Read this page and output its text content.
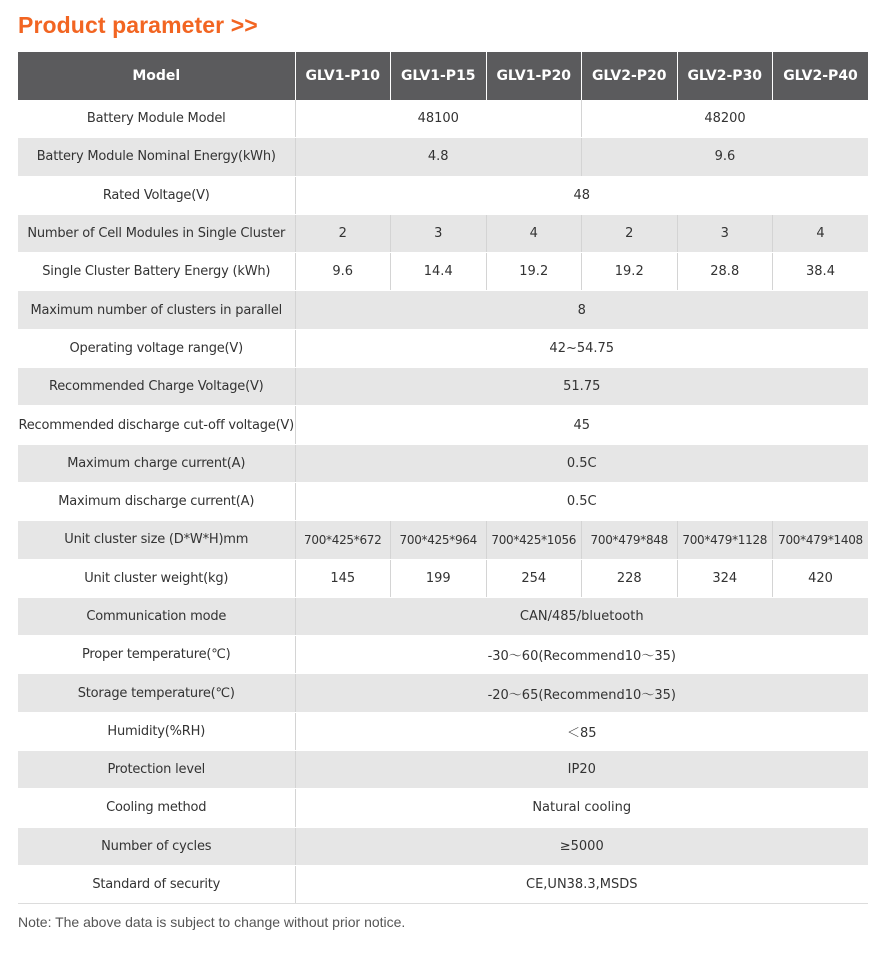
Product parameter >>
Model	GLV1-P10	GLV1-P15	GLV1-P20	GLV2-P20	GLV2-P30	GLV2-P40
Battery Module Model	48100			48200		
Battery Module Nominal Energy(kWh)	4.8			9.6		
Rated Voltage(V)	48					
Number of Cell Modules in Single Cluster	2	3	4	2	3	4
Single Cluster Battery Energy (kWh)	9.6	14.4	19.2	19.2	28.8	38.4
Maximum number of clusters in parallel	8					
Operating voltage range(V)	42~54.75					
Recommended Charge Voltage(V)	51.75					
Recommended discharge cut-off voltage(V)	45					
Maximum charge current(A)	0.5C					
Maximum discharge current(A)	0.5C					
Unit cluster size (D*W*H)mm	700*425*672	700*425*964	700*425*1056	700*479*848	700*479*1128	700*479*1408
Unit cluster weight(kg)	145	199	254	228	324	420
Communication mode	CAN/485/bluetooth					
Proper temperature(℃)	-30～60(Recommend10～35)					
Storage temperature(℃)	-20～65(Recommend10～35)					
Humidity(%RH)	＜85					
Protection level	IP20					
Cooling method	Natural cooling					
Number of cycles	≥5000					
Standard of security	CE,UN38.3,MSDS					
Note: The above data is subject to change without prior notice.
